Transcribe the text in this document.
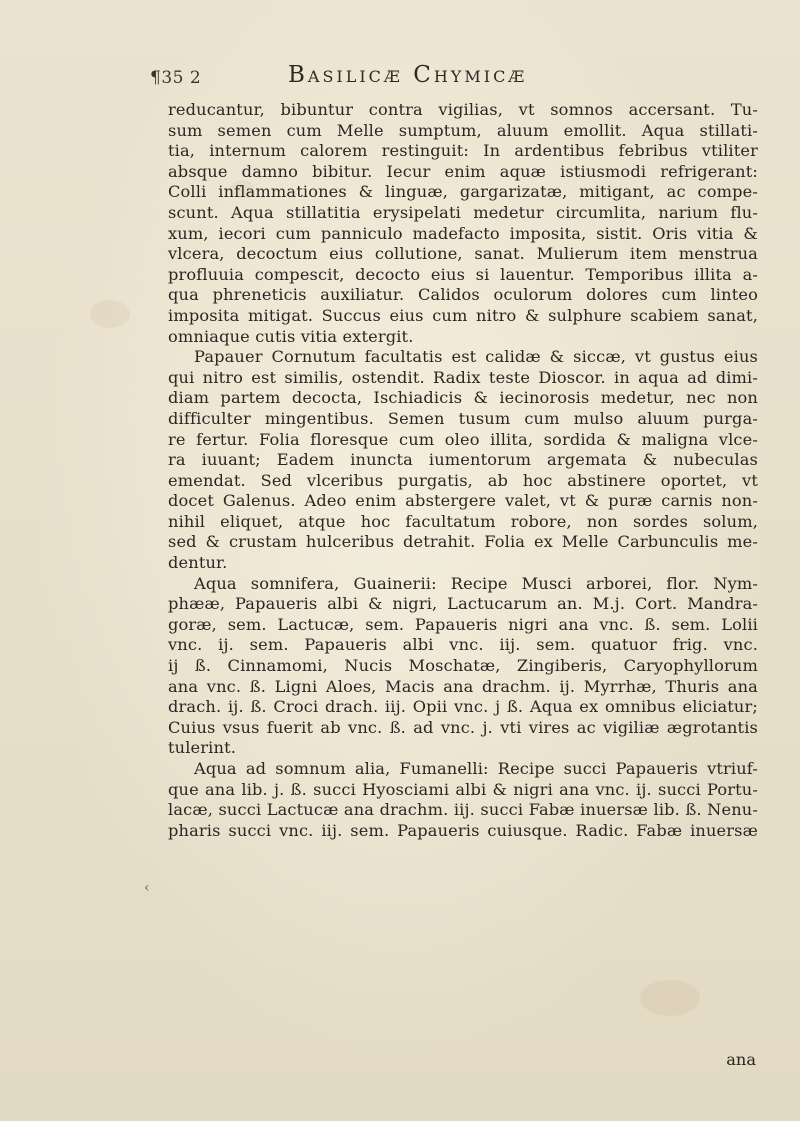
¶35 2	Basilicæ Chymicæ
reducantur, bibuntur contra vigilias, vt somnos accersant. Tu-
sum semen cum Melle sumptum, aluum emollit. Aqua stillati-
tia, internum calorem restinguit: In ardentibus febribus vtiliter
absque damno bibitur. Iecur enim aquæ istiusmodi refrigerant:
Colli inflammationes & linguæ, gargarizatæ, mitigant, ac compe-
scunt. Aqua stillatitia erysipelati medetur circumlita, narium flu-
xum, iecori cum panniculo madefacto imposita, sistit. Oris vitia &
vlcera, decoctum eius collutione, sanat. Mulierum item menstrua
profluuia compescit, decocto eius si lauentur. Temporibus illita a-
qua phreneticis auxiliatur. Calidos oculorum dolores cum linteo
imposita mitigat. Succus eius cum nitro & sulphure scabiem sanat,
omniaque cutis vitia extergit.
Papauer Cornutum facultatis est calidæ & siccæ, vt gustus eius
qui nitro est similis, ostendit. Radix teste Dioscor. in aqua ad dimi-
diam partem decocta, Ischiadicis & iecinorosis medetur, nec non
difficulter mingentibus. Semen tusum cum mulso aluum purga-
re fertur. Folia floresque cum oleo illita, sordida & maligna vlce-
ra iuuant; Eadem inuncta iumentorum argemata & nubeculas
emendat. Sed vlceribus purgatis, ab hoc abstinere oportet, vt
docet Galenus. Adeo enim abstergere valet, vt & puræ carnis non-
nihil eliquet, atque hoc facultatum robore, non sordes solum,
sed & crustam hulceribus detrahit. Folia ex Melle Carbunculis me-
dentur.
Aqua somnifera, Guainerii: Recipe Musci arborei, flor. Nym-
phææ, Papaueris albi & nigri, Lactucarum an. M.j. Cort. Mandra-
goræ, sem. Lactucæ, sem. Papaueris nigri ana vnc. ß. sem. Lolii
vnc. ij. sem. Papaueris albi vnc. iij. sem. quatuor frig. vnc.
ij ß. Cinnamomi, Nucis Moschatæ, Zingiberis, Caryophyllorum
ana vnc. ß. Ligni Aloes, Macis ana drachm. ij. Myrrhæ, Thuris ana
drach. ij. ß. Croci drach. iij. Opii vnc. j ß. Aqua ex omnibus eliciatur;
Cuius vsus fuerit ab vnc. ß. ad vnc. j. vti vires ac vigiliæ ægrotantis
tulerint.
Aqua ad somnum alia, Fumanelli: Recipe succi Papaueris vtriuf-
que ana lib. j. ß. succi Hyosciami albi & nigri ana vnc. ij. succi Portu-
lacæ, succi Lactucæ ana drachm. iij. succi Fabæ inuersæ lib. ß. Nenu-
pharis succi vnc. iij. sem. Papaueris cuiusque. Radic. Fabæ inuersæ
‹
ana
